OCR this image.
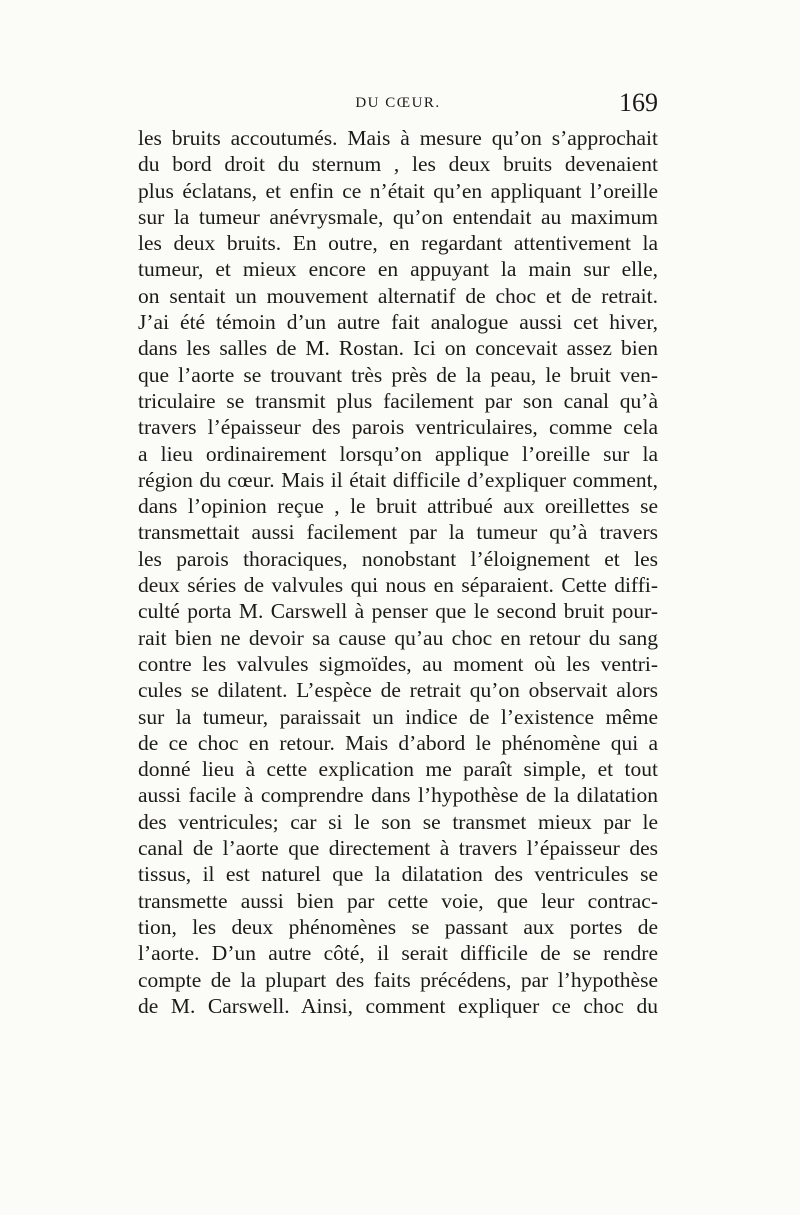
DU CŒUR.	169
les bruits accoutumés. Mais à mesure qu’on s’approchait
du bord droit du sternum , les deux bruits devenaient
plus éclatans, et enfin ce n’était qu’en appliquant l’oreille
sur la tumeur anévrysmale, qu’on entendait au maximum
les deux bruits. En outre, en regardant attentivement la
tumeur, et mieux encore en appuyant la main sur elle,
on sentait un mouvement alternatif de choc et de retrait.
J’ai été témoin d’un autre fait analogue aussi cet hiver,
dans les salles de M. Rostan. Ici on concevait assez bien
que l’aorte se trouvant très près de la peau, le bruit ven-
triculaire se transmit plus facilement par son canal qu’à
travers l’épaisseur des parois ventriculaires, comme cela
a lieu ordinairement lorsqu’on applique l’oreille sur la
région du cœur. Mais il était difficile d’expliquer comment,
dans l’opinion reçue , le bruit attribué aux oreillettes se
transmettait aussi facilement par la tumeur qu’à travers
les parois thoraciques, nonobstant l’éloignement et les
deux séries de valvules qui nous en séparaient. Cette diffi-
culté porta M. Carswell à penser que le second bruit pour-
rait bien ne devoir sa cause qu’au choc en retour du sang
contre les valvules sigmoïdes, au moment où les ventri-
cules se dilatent. L’espèce de retrait qu’on observait alors
sur la tumeur, paraissait un indice de l’existence même
de ce choc en retour. Mais d’abord le phénomène qui a
donné lieu à cette explication me paraît simple, et tout
aussi facile à comprendre dans l’hypothèse de la dilatation
des ventricules; car si le son se transmet mieux par le
canal de l’aorte que directement à travers l’épaisseur des
tissus, il est naturel que la dilatation des ventricules se
transmette aussi bien par cette voie, que leur contrac-
tion, les deux phénomènes se passant aux portes de
l’aorte. D’un autre côté, il serait difficile de se rendre
compte de la plupart des faits précédens, par l’hypothèse
de M. Carswell. Ainsi, comment expliquer ce choc du
